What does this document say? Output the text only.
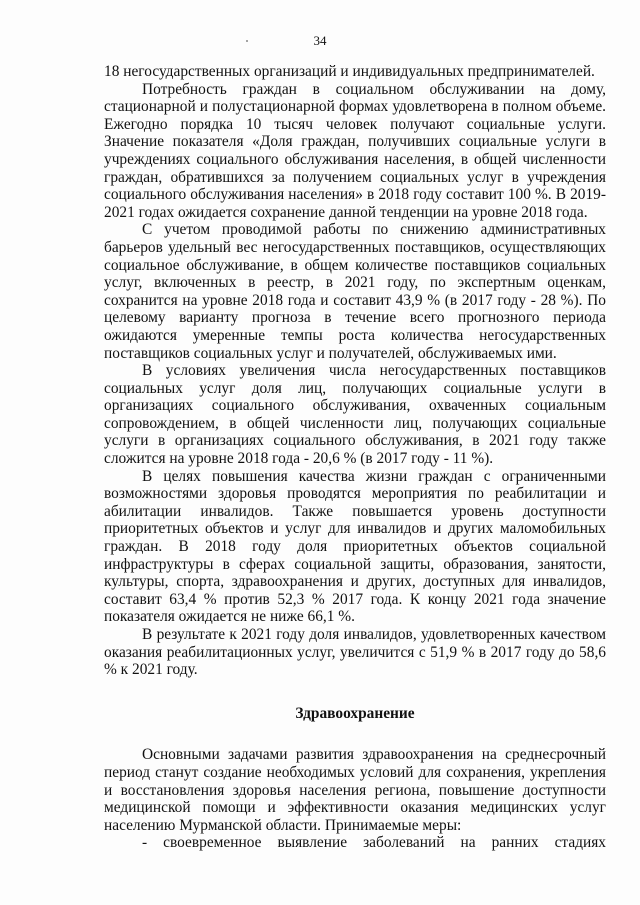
34

18 негосударственных организаций и индивидуальных предпринимателей.

Потребность граждан в социальном обслуживании на дому, стационарной и полустационарной формах удовлетворена в полном объеме. Ежегодно порядка 10 тысяч человек получают социальные услуги. Значение показателя «Доля граждан, получивших социальные услуги в учреждениях социального обслуживания населения, в общей численности граждан, обратившихся за получением социальных услуг в учреждения социального обслуживания населения» в 2018 году составит 100 %. В 2019-2021 годах ожидается сохранение данной тенденции на уровне 2018 года.

С учетом проводимой работы по снижению административных барьеров удельный вес негосударственных поставщиков, осуществляющих социальное обслуживание, в общем количестве поставщиков социальных услуг, включенных в реестр, в 2021 году, по экспертным оценкам, сохранится на уровне 2018 года и составит 43,9 % (в 2017 году - 28 %). По целевому варианту прогноза в течение всего прогнозного периода ожидаются умеренные темпы роста количества негосударственных поставщиков социальных услуг и получателей, обслуживаемых ими.

В условиях увеличения числа негосударственных поставщиков социальных услуг доля лиц, получающих социальные услуги в организациях социального обслуживания, охваченных социальным сопровождением, в общей численности лиц, получающих социальные услуги в организациях социального обслуживания, в 2021 году также сложится на уровне 2018 года - 20,6 % (в 2017 году - 11 %).

В целях повышения качества жизни граждан с ограниченными возможностями здоровья проводятся мероприятия по реабилитации и абилитации инвалидов. Также повышается уровень доступности приоритетных объектов и услуг для инвалидов и других маломобильных граждан. В 2018 году доля приоритетных объектов социальной инфраструктуры в сферах социальной защиты, образования, занятости, культуры, спорта, здравоохранения и других, доступных для инвалидов, составит 63,4 % против 52,3 % 2017 года. К концу 2021 года значение показателя ожидается не ниже 66,1 %.

В результате к 2021 году доля инвалидов, удовлетворенных качеством оказания реабилитационных услуг, увеличится с 51,9 % в 2017 году до 58,6 % к 2021 году.

Здравоохранение

Основными задачами развития здравоохранения на среднесрочный период станут создание необходимых условий для сохранения, укрепления и восстановления здоровья населения региона, повышение доступности медицинской помощи и эффективности оказания медицинских услуг населению Мурманской области. Принимаемые меры:

- своевременное выявление заболеваний на ранних стадиях
